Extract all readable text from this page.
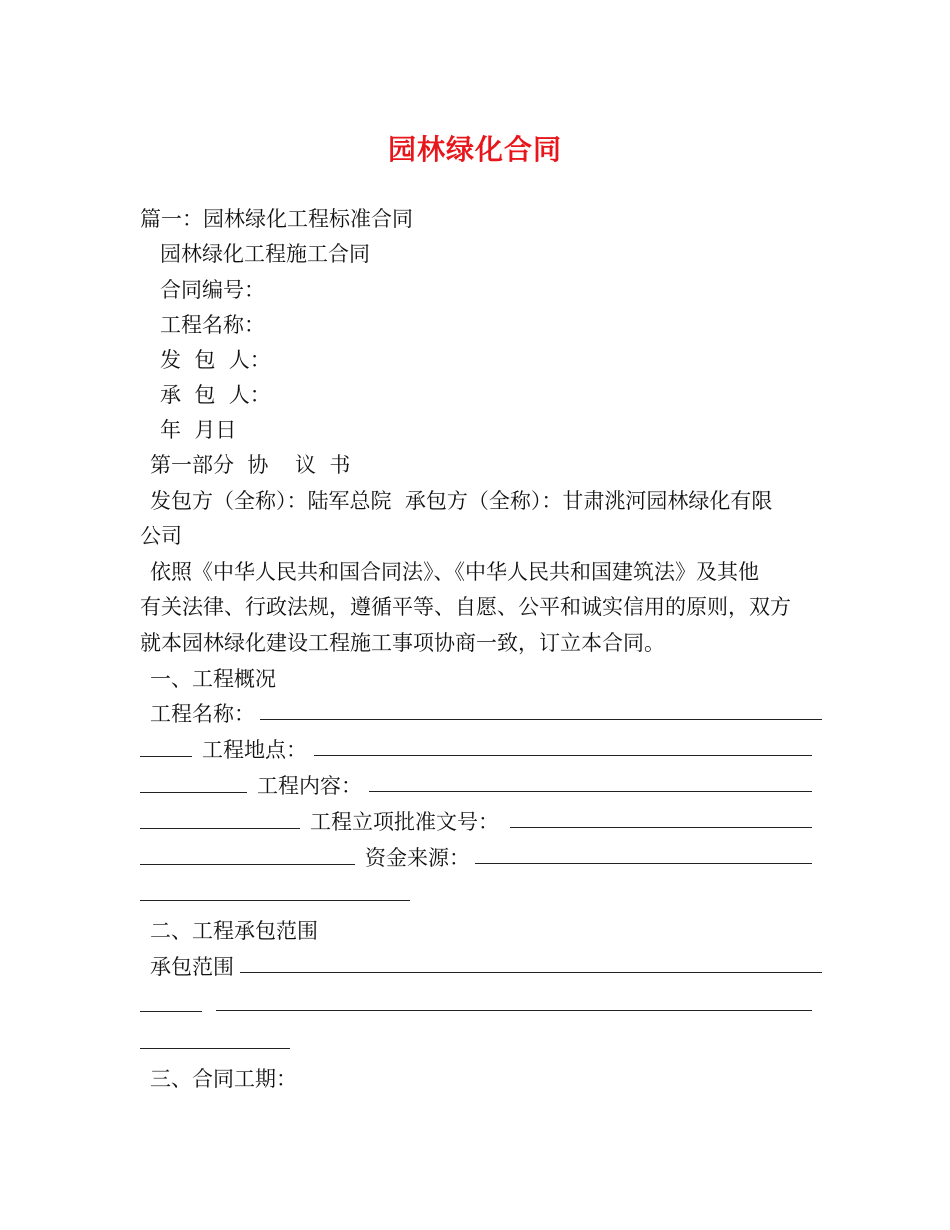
园林绿化合同
篇一：园林绿化工程标准合同
园林绿化工程施工合同
合同编号：
工程名称：
发  包  人：
承  包  人：
年  月日
第一部分  协    议  书
发包方（全称）：陆军总院  承包方（全称）：甘肃洮河园林绿化有限
公司
依照《中华人民共和国合同法》、《中华人民共和国建筑法》及其他
有关法律、行政法规，遵循平等、自愿、公平和诚实信用的原则，双方
就本园林绿化建设工程施工事项协商一致，订立本合同。
一、工程概况
工程名称：
工程地点：
工程内容：
工程立项批准文号：
资金来源：
二、工程承包范围
承包范围
三、合同工期：
